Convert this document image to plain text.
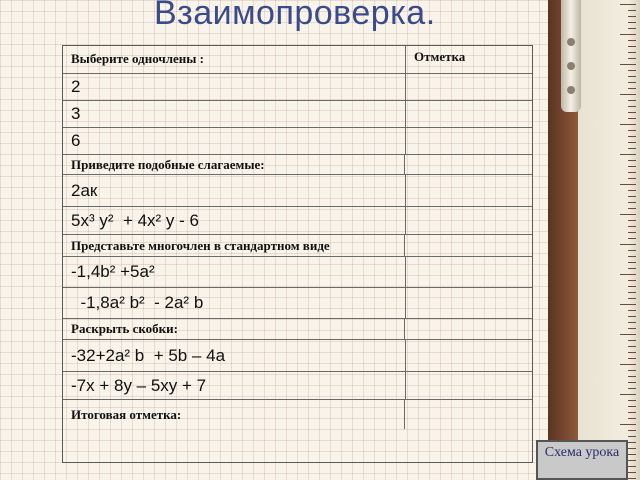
Взаимопроверка.
Выберите одночлены :	Отметка
2
3
6
Приведите подобные слагаемые:
2ак
5x³ y²  + 4x² y - 6
Представьте многочлен в стандартном виде
-1,4b² +5a²
-1,8a² b²  - 2a² b
Раскрыть скобки:
-32+2a² b  + 5b – 4a
-7x + 8y – 5xy + 7
Итоговая отметка:
Схема урока
